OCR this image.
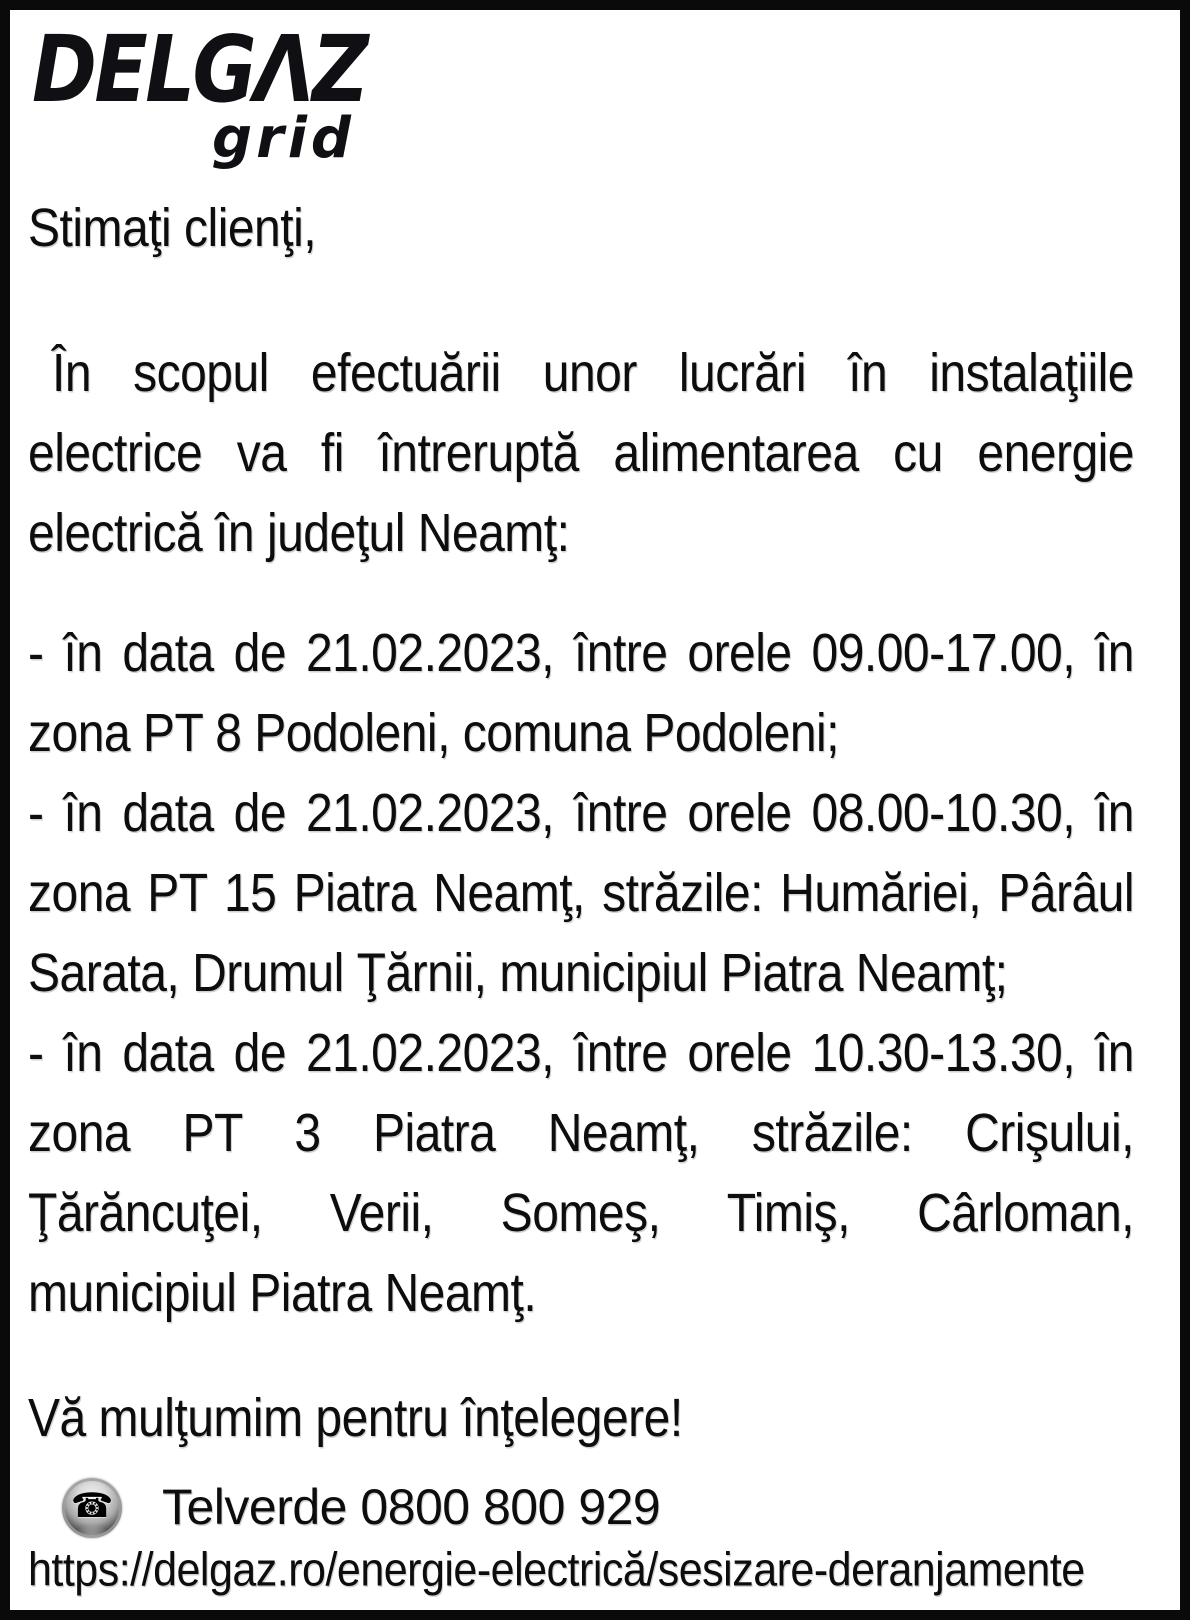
DELGΛZ
grid
Stimaţi clienţi,
În scopul efectuării unor lucrări în instalaţiile
electrice va fi întreruptă alimentarea cu energie
electrică în judeţul Neamţ:
- în data de 21.02.2023, între orele 09.00-17.00, în
zona PT 8 Podoleni, comuna Podoleni;
- în data de 21.02.2023, între orele 08.00-10.30, în
zona PT 15 Piatra Neamţ, străzile: Humăriei, Pârâul
Sarata, Drumul Ţărnii, municipiul Piatra Neamţ;
- în data de 21.02.2023, între orele 10.30-13.30, în
zona PT 3 Piatra Neamţ, străzile: Crişului,
Ţărăncuţei, Verii, Someş, Timiş, Cârloman,
municipiul Piatra Neamţ.
Vă mulţumim pentru înţelegere!
☎ Telverde 0800 800 929
https://delgaz.ro/energie-electrică/sesizare-deranjamente
